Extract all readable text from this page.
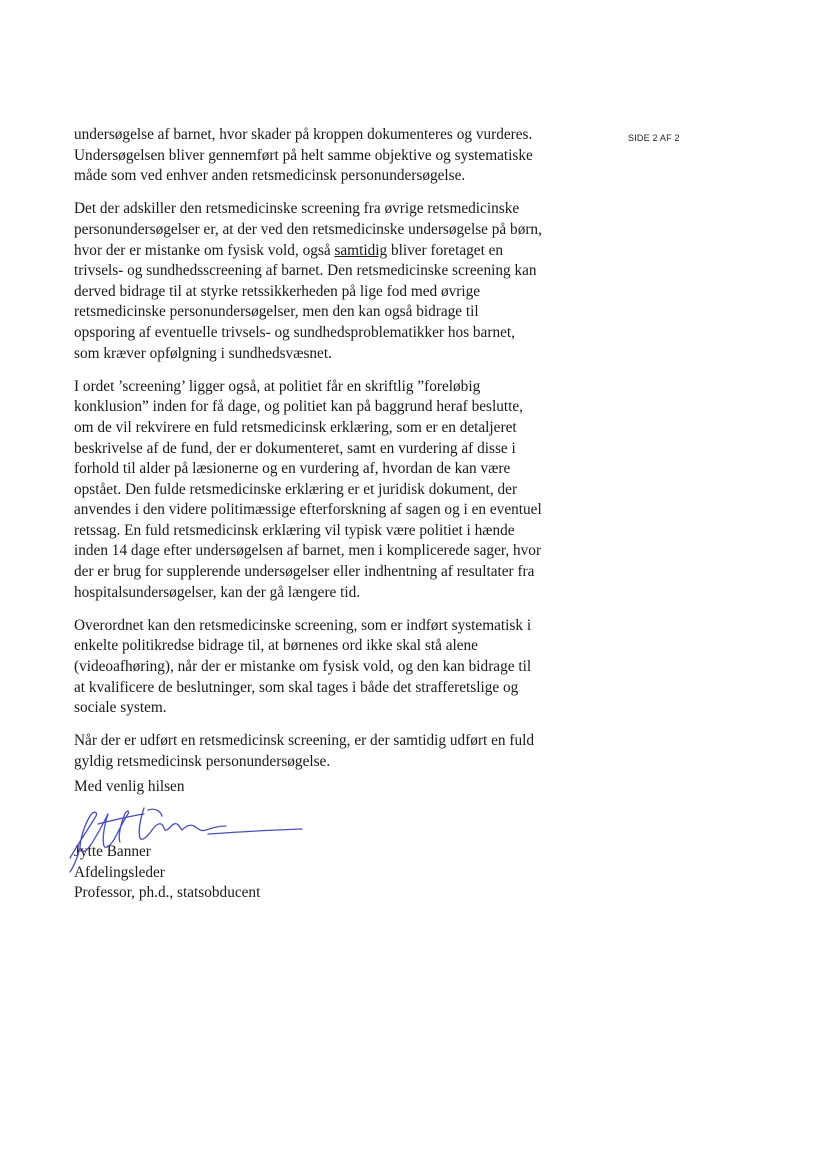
SIDE 2 AF 2

undersøgelse af barnet, hvor skader på kroppen dokumenteres og vurderes.
Undersøgelsen bliver gennemført på helt samme objektive og systematiske
måde som ved enhver anden retsmedicinsk personundersøgelse.

Det der adskiller den retsmedicinske screening fra øvrige retsmedicinske
personundersøgelser er, at der ved den retsmedicinske undersøgelse på børn,
hvor der er mistanke om fysisk vold, også samtidig bliver foretaget en
trivsels- og sundhedsscreening af barnet. Den retsmedicinske screening kan
derved bidrage til at styrke retssikkerheden på lige fod med øvrige
retsmedicinske personundersøgelser, men den kan også bidrage til
opsporing af eventuelle trivsels- og sundhedsproblematikker hos barnet,
som kræver opfølgning i sundhedsvæsnet.

I ordet ’screening’ ligger også, at politiet får en skriftlig ”foreløbig
konklusion” inden for få dage, og politiet kan på baggrund heraf beslutte,
om de vil rekvirere en fuld retsmedicinsk erklæring, som er en detaljeret
beskrivelse af de fund, der er dokumenteret, samt en vurdering af disse i
forhold til alder på læsionerne og en vurdering af, hvordan de kan være
opstået. Den fulde retsmedicinske erklæring er et juridisk dokument, der
anvendes i den videre politimæssige efterforskning af sagen og i en eventuel
retssag. En fuld retsmedicinsk erklæring vil typisk være politiet i hænde
inden 14 dage efter undersøgelsen af barnet, men i komplicerede sager, hvor
der er brug for supplerende undersøgelser eller indhentning af resultater fra
hospitalsundersøgelser, kan der gå længere tid.

Overordnet kan den retsmedicinske screening, som er indført systematisk i
enkelte politikredse bidrage til, at børnenes ord ikke skal stå alene
(videoafhøring), når der er mistanke om fysisk vold, og den kan bidrage til
at kvalificere de beslutninger, som skal tages i både det strafferetslige og
sociale system.

Når der er udført en retsmedicinsk screening, er der samtidig udført en fuld
gyldig retsmedicinsk personundersøgelse.

Med venlig hilsen
Jytte Banner
Afdelingsleder
Professor, ph.d., statsobducent
